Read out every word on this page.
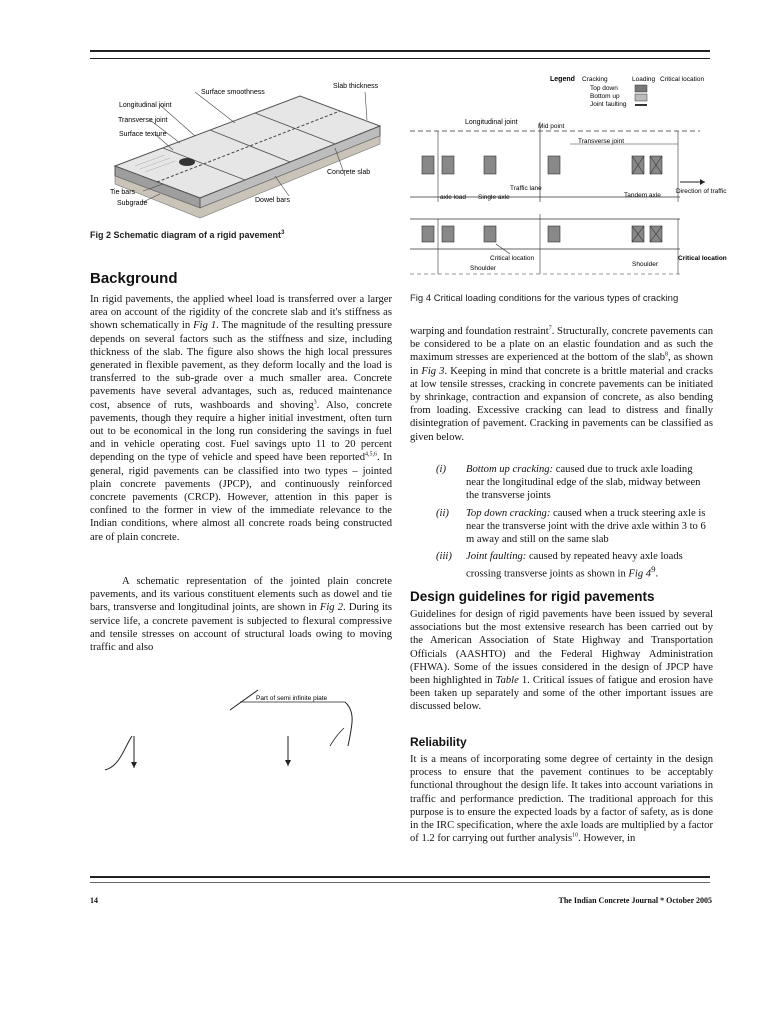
Slab thickness
Surface smoothness
Longitudinal joint
Transverse joint
Surface texture
Tie bars
Subgrade	Dowel bars
Concrete slab
Fig 2 Schematic diagram of a rigid pavement$^3$
Legend Cracking
Top down
Bottom up
Joint faulting
Loading Critical location
Longitudinal joint
Mid point
Transverse joint
Traffic lane
axle load Single axle	Tandem axle
Direction of traffic
Critical location
Shoulder
Shoulder
Critical location
Fig 4 Critical loading conditions for the various types of cracking
Background
In rigid pavements, the applied wheel load is transferred over a larger area on account of the rigidity of the concrete slab and it's stiffness as shown schematically in Fig 1. The magnitude of the resulting pressure depends on several factors such as the stiffness and size, including thickness of the slab. The figure also shows the high local pressures generated in flexible pavement, as they deform locally and the load is transferred to the sub-grade over a much smaller area. Concrete pavements have several advantages, such as, reduced maintenance cost, absence of ruts, washboards and shoving$^3$. Also, concrete pavements, though they require a higher initial investment, often turn out to be economical in the long run considering the savings in fuel and in vehicle operating cost. Fuel savings upto 11 to 20 percent depending on the type of vehicle and speed have been reported$^{4,5,6}$. In general, rigid pavements can be classified into two types – jointed plain concrete pavements (JPCP), and continuously reinforced concrete pavements (CRCP). However, attention in this paper is confined to the former in view of the immediate relevance to the Indian conditions, where almost all concrete roads being constructed are of plain concrete.
A schematic representation of the jointed plain concrete pavements, and its various constituent elements such as dowel and tie bars, transverse and longitudinal joints, are shown in Fig 2. During its service life, a concrete pavement is subjected to flexural compressive and tensile stresses on account of structural loads owing to moving traffic and also
Part of semi infinite plate
warping and foundation restraint$^7$. Structurally, concrete pavements can be considered to be a plate on an elastic foundation and as such the maximum stresses are experienced at the bottom of the slab$^8$, as shown in Fig 3. Keeping in mind that concrete is a brittle material and cracks at low tensile stresses, cracking in concrete pavements can be initiated by shrinkage, contraction and expansion of concrete, as also bending from loading. Excessive cracking can lead to distress and finally disintegration of pavement. Cracking in pavements can be classified as given below.
(i)	Bottom up cracking: caused due to truck axle loading near the longitudinal edge of the slab, midway between the transverse joints
(ii)	Top down cracking: caused when a truck steering axle is near the transverse joint with the drive axle within 3 to 6 m away and still on the same slab
(iii)	Joint faulting: caused by repeated heavy axle loads crossing transverse joints as shown in Fig $4^9$.
Design guidelines for rigid pavements
Guidelines for design of rigid pavements have been issued by several associations but the most extensive research has been carried out by the American Association of State Highway and Transportation Officials (AASHTO) and the Federal Highway Administration (FHWA). Some of the issues considered in the design of JPCP have been highlighted in Table 1. Critical issues of fatigue and erosion have been taken up separately and some of the other important issues are discussed below.
Reliability
It is a means of incorporating some degree of certainty in the design process to ensure that the pavement continues to be acceptably functional throughout the design life. It takes into account variations in traffic and performance prediction. The traditional approach for this purpose is to ensure the expected loads by a factor of safety, as is done in the IRC specification, where the axle loads are multiplied by a factor of 1.2 for carrying out further analysis$^{10}$. However, in
14	The Indian Concrete Journal * October 2005
